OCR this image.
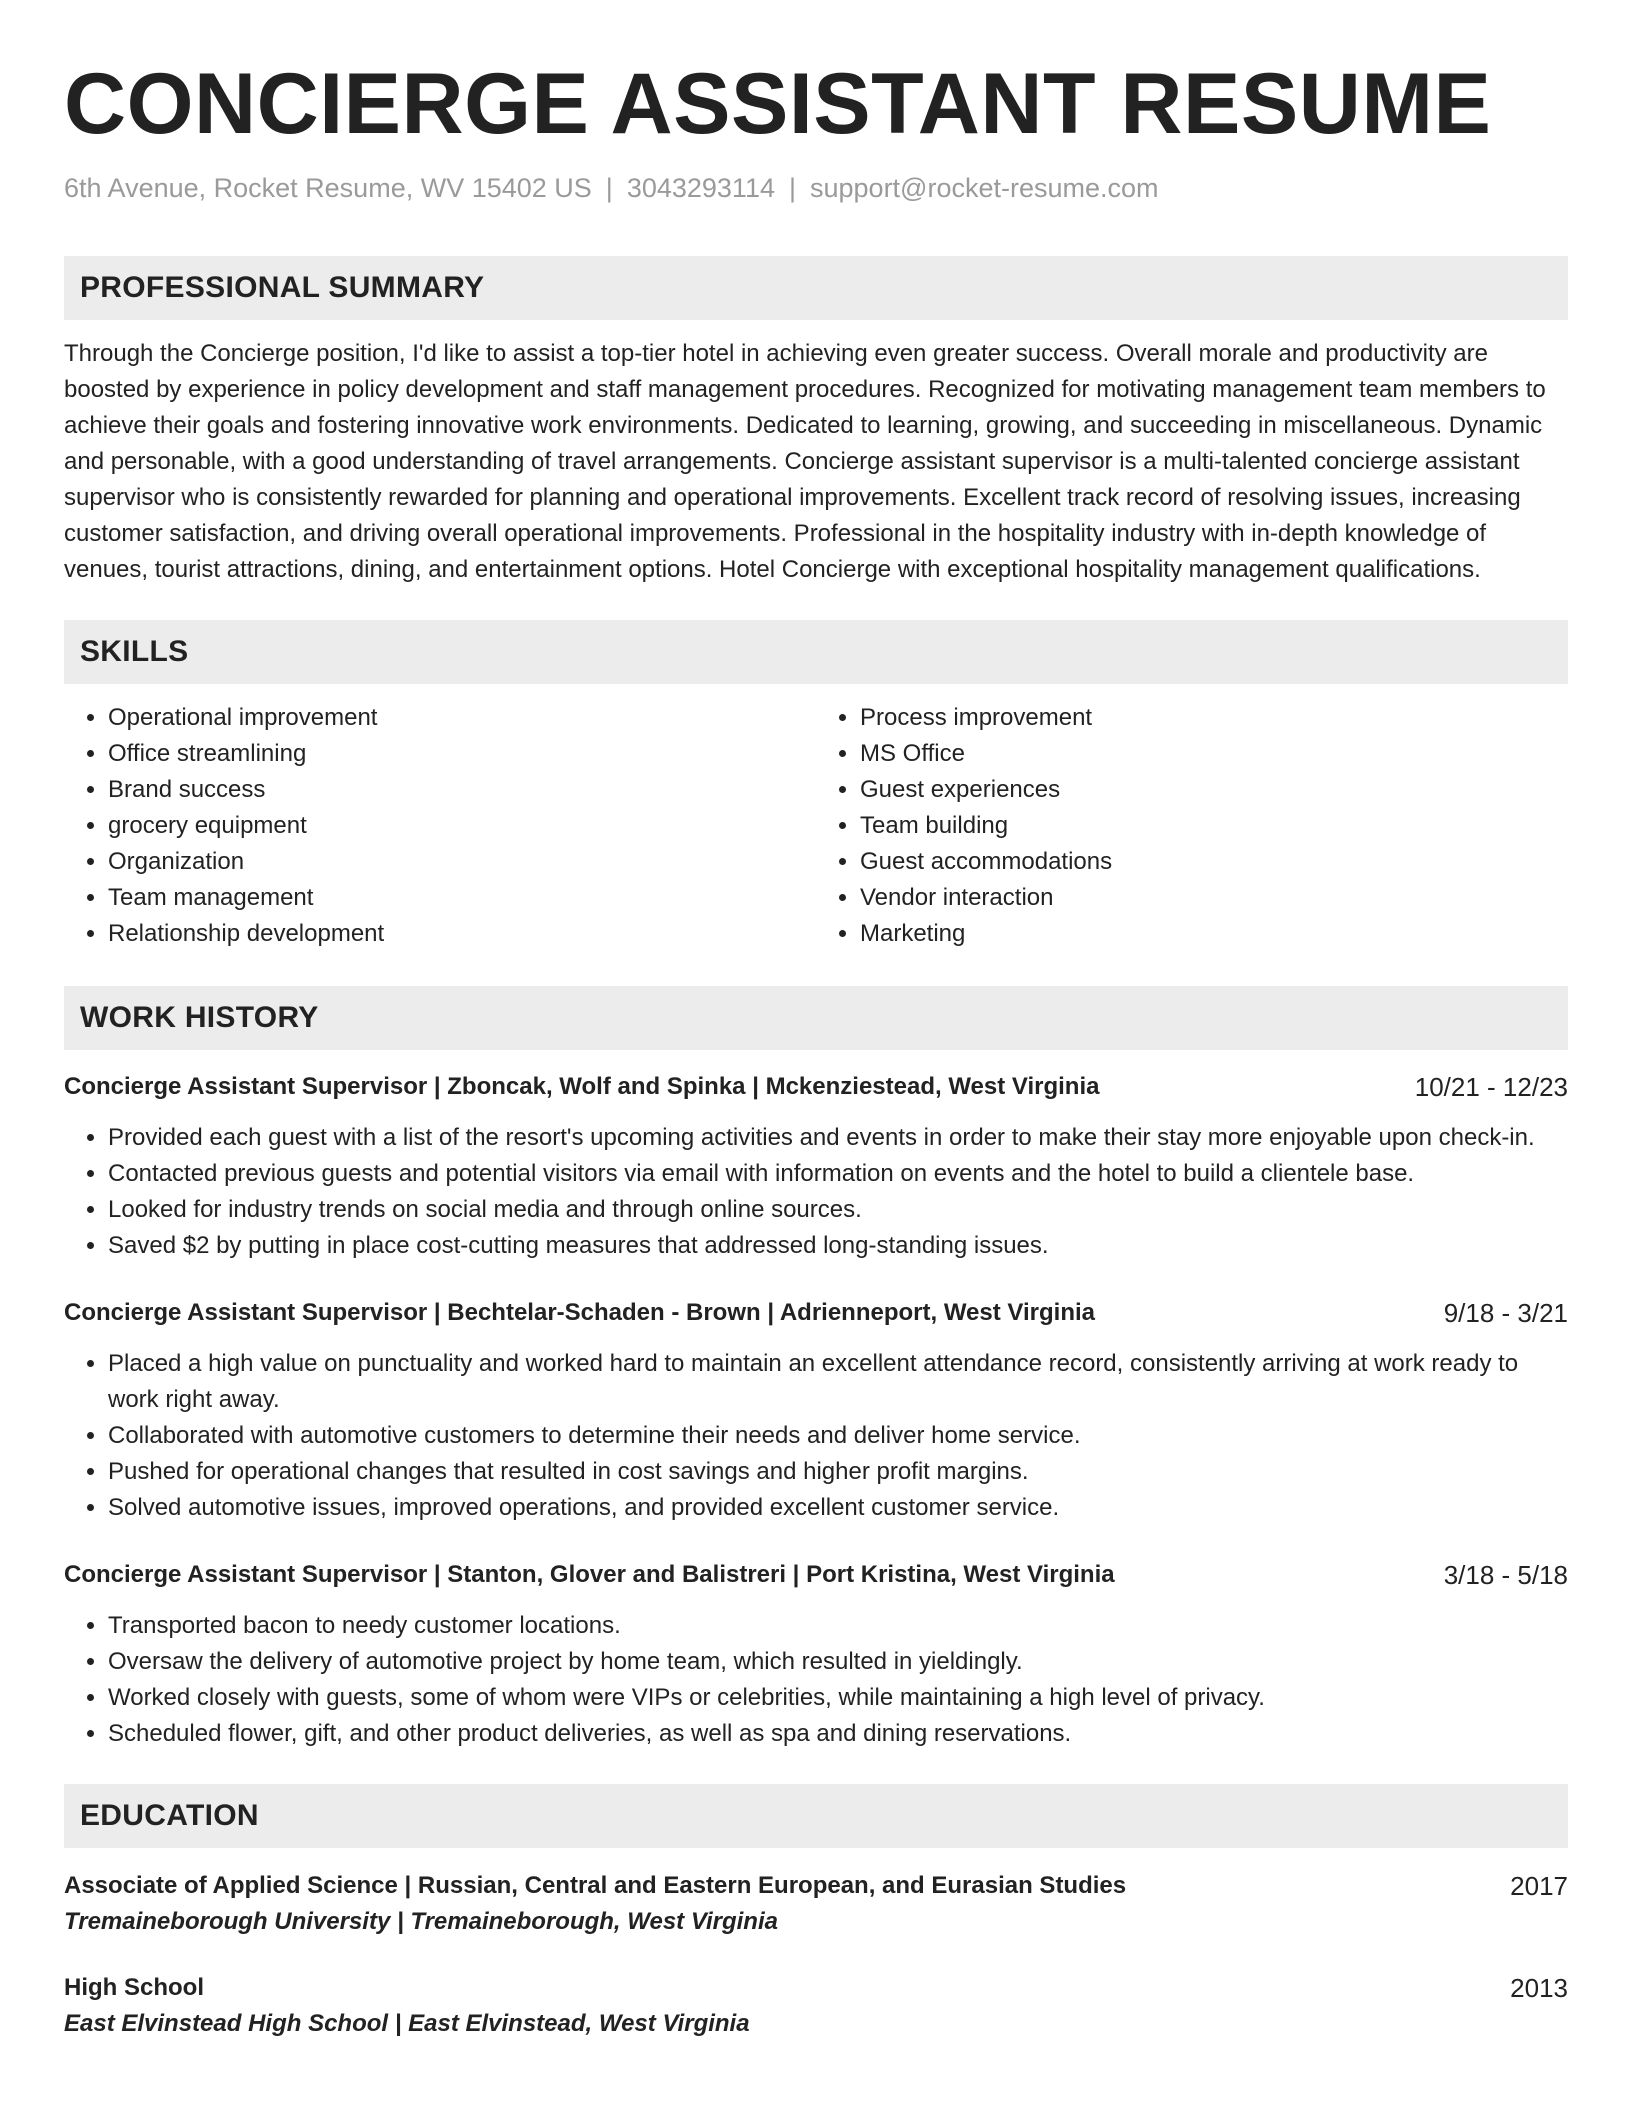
CONCIERGE ASSISTANT RESUME
6th Avenue, Rocket Resume, WV 15402 US | 3043293114 | support@rocket-resume.com
PROFESSIONAL SUMMARY
Through the Concierge position, I'd like to assist a top-tier hotel in achieving even greater success. Overall morale and productivity are boosted by experience in policy development and staff management procedures. Recognized for motivating management team members to achieve their goals and fostering innovative work environments. Dedicated to learning, growing, and succeeding in miscellaneous. Dynamic and personable, with a good understanding of travel arrangements. Concierge assistant supervisor is a multi-talented concierge assistant supervisor who is consistently rewarded for planning and operational improvements. Excellent track record of resolving issues, increasing customer satisfaction, and driving overall operational improvements. Professional in the hospitality industry with in-depth knowledge of venues, tourist attractions, dining, and entertainment options. Hotel Concierge with exceptional hospitality management qualifications.
SKILLS
• Operational improvement
• Office streamlining
• Brand success
• grocery equipment
• Organization
• Team management
• Relationship development
• Process improvement
• MS Office
• Guest experiences
• Team building
• Guest accommodations
• Vendor interaction
• Marketing
WORK HISTORY
Concierge Assistant Supervisor | Zboncak, Wolf and Spinka | Mckenziestead, West Virginia	10/21 - 12/23
• Provided each guest with a list of the resort's upcoming activities and events in order to make their stay more enjoyable upon check-in.
• Contacted previous guests and potential visitors via email with information on events and the hotel to build a clientele base.
• Looked for industry trends on social media and through online sources.
• Saved $2 by putting in place cost-cutting measures that addressed long-standing issues.
Concierge Assistant Supervisor | Bechtelar-Schaden - Brown | Adrienneport, West Virginia	9/18 - 3/21
• Placed a high value on punctuality and worked hard to maintain an excellent attendance record, consistently arriving at work ready to work right away.
• Collaborated with automotive customers to determine their needs and deliver home service.
• Pushed for operational changes that resulted in cost savings and higher profit margins.
• Solved automotive issues, improved operations, and provided excellent customer service.
Concierge Assistant Supervisor | Stanton, Glover and Balistreri | Port Kristina, West Virginia	3/18 - 5/18
• Transported bacon to needy customer locations.
• Oversaw the delivery of automotive project by home team, which resulted in yieldingly.
• Worked closely with guests, some of whom were VIPs or celebrities, while maintaining a high level of privacy.
• Scheduled flower, gift, and other product deliveries, as well as spa and dining reservations.
EDUCATION
Associate of Applied Science | Russian, Central and Eastern European, and Eurasian Studies	2017
Tremaineborough University | Tremaineborough, West Virginia
High School	2013
East Elvinstead High School | East Elvinstead, West Virginia
